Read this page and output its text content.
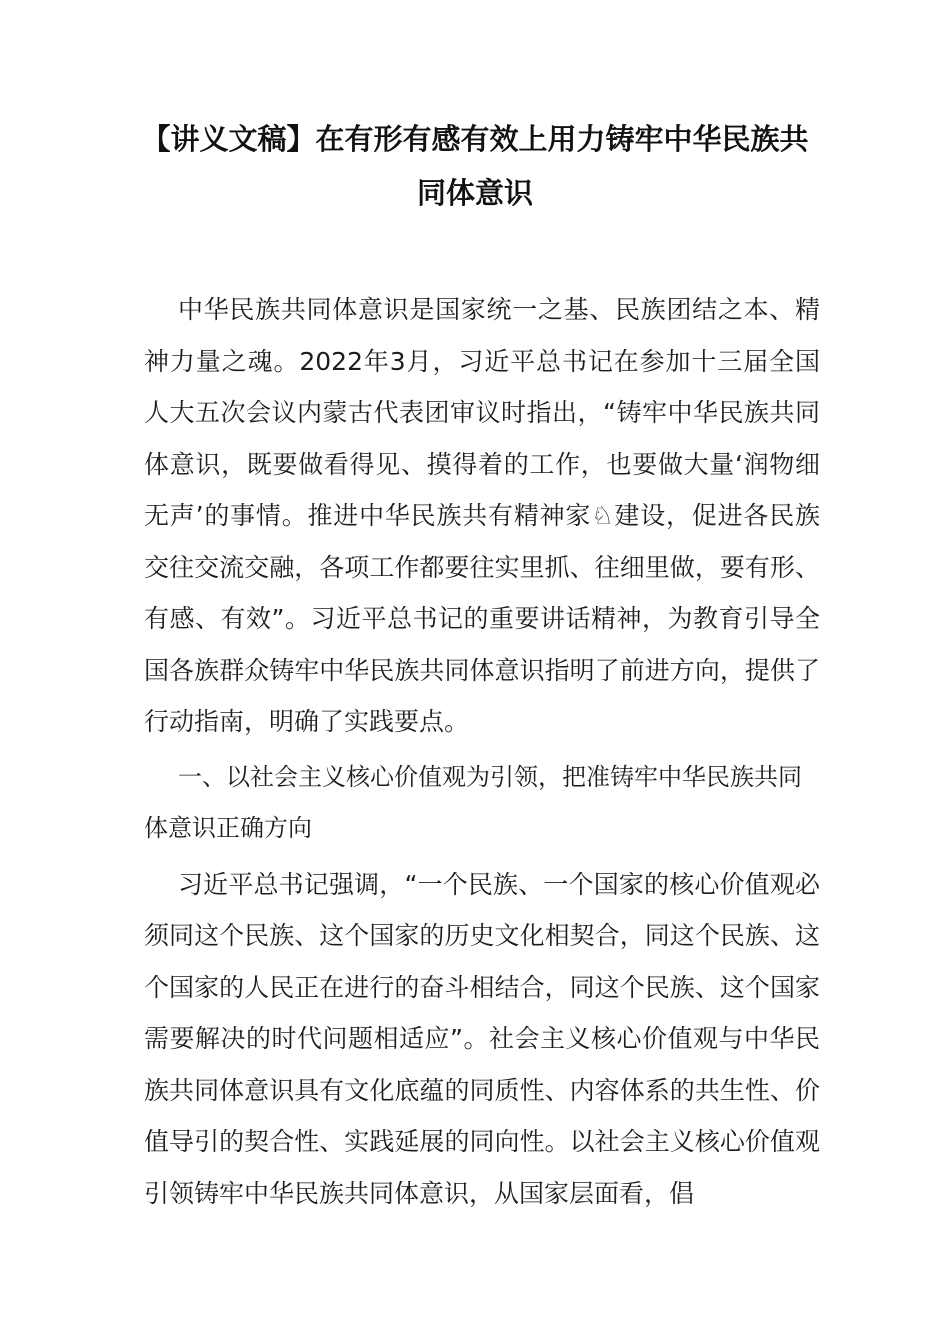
【讲义文稿】在有形有感有效上用力铸牢中华民族共同体意识

中华民族共同体意识是国家统一之基、民族团结之本、精神力量之魂。2022年3月，习近平总书记在参加十三届全国人大五次会议内蒙古代表团审议时指出，“铸牢中华民族共同体意识，既要做看得见、摸得着的工作，也要做大量‘润物细无声’的事情。推进中华民族共有精神家♘建设，促进各民族交往交流交融，各项工作都要往实里抓、往细里做，要有形、有感、有效”。习近平总书记的重要讲话精神，为教育引导全国各族群众铸牢中华民族共同体意识指明了前进方向，提供了行动指南，明确了实践要点。

一、以社会主义核心价值观为引领，把准铸牢中华民族共同体意识正确方向

习近平总书记强调，“一个民族、一个国家的核心价值观必须同这个民族、这个国家的历史文化相契合，同这个民族、这个国家的人民正在进行的奋斗相结合，同这个民族、这个国家需要解决的时代问题相适应”。社会主义核心价值观与中华民族共同体意识具有文化底蕴的同质性、内容体系的共生性、价值导引的契合性、实践延展的同向性。以社会主义核心价值观引领铸牢中华民族共同体意识，从国家层面看，倡
